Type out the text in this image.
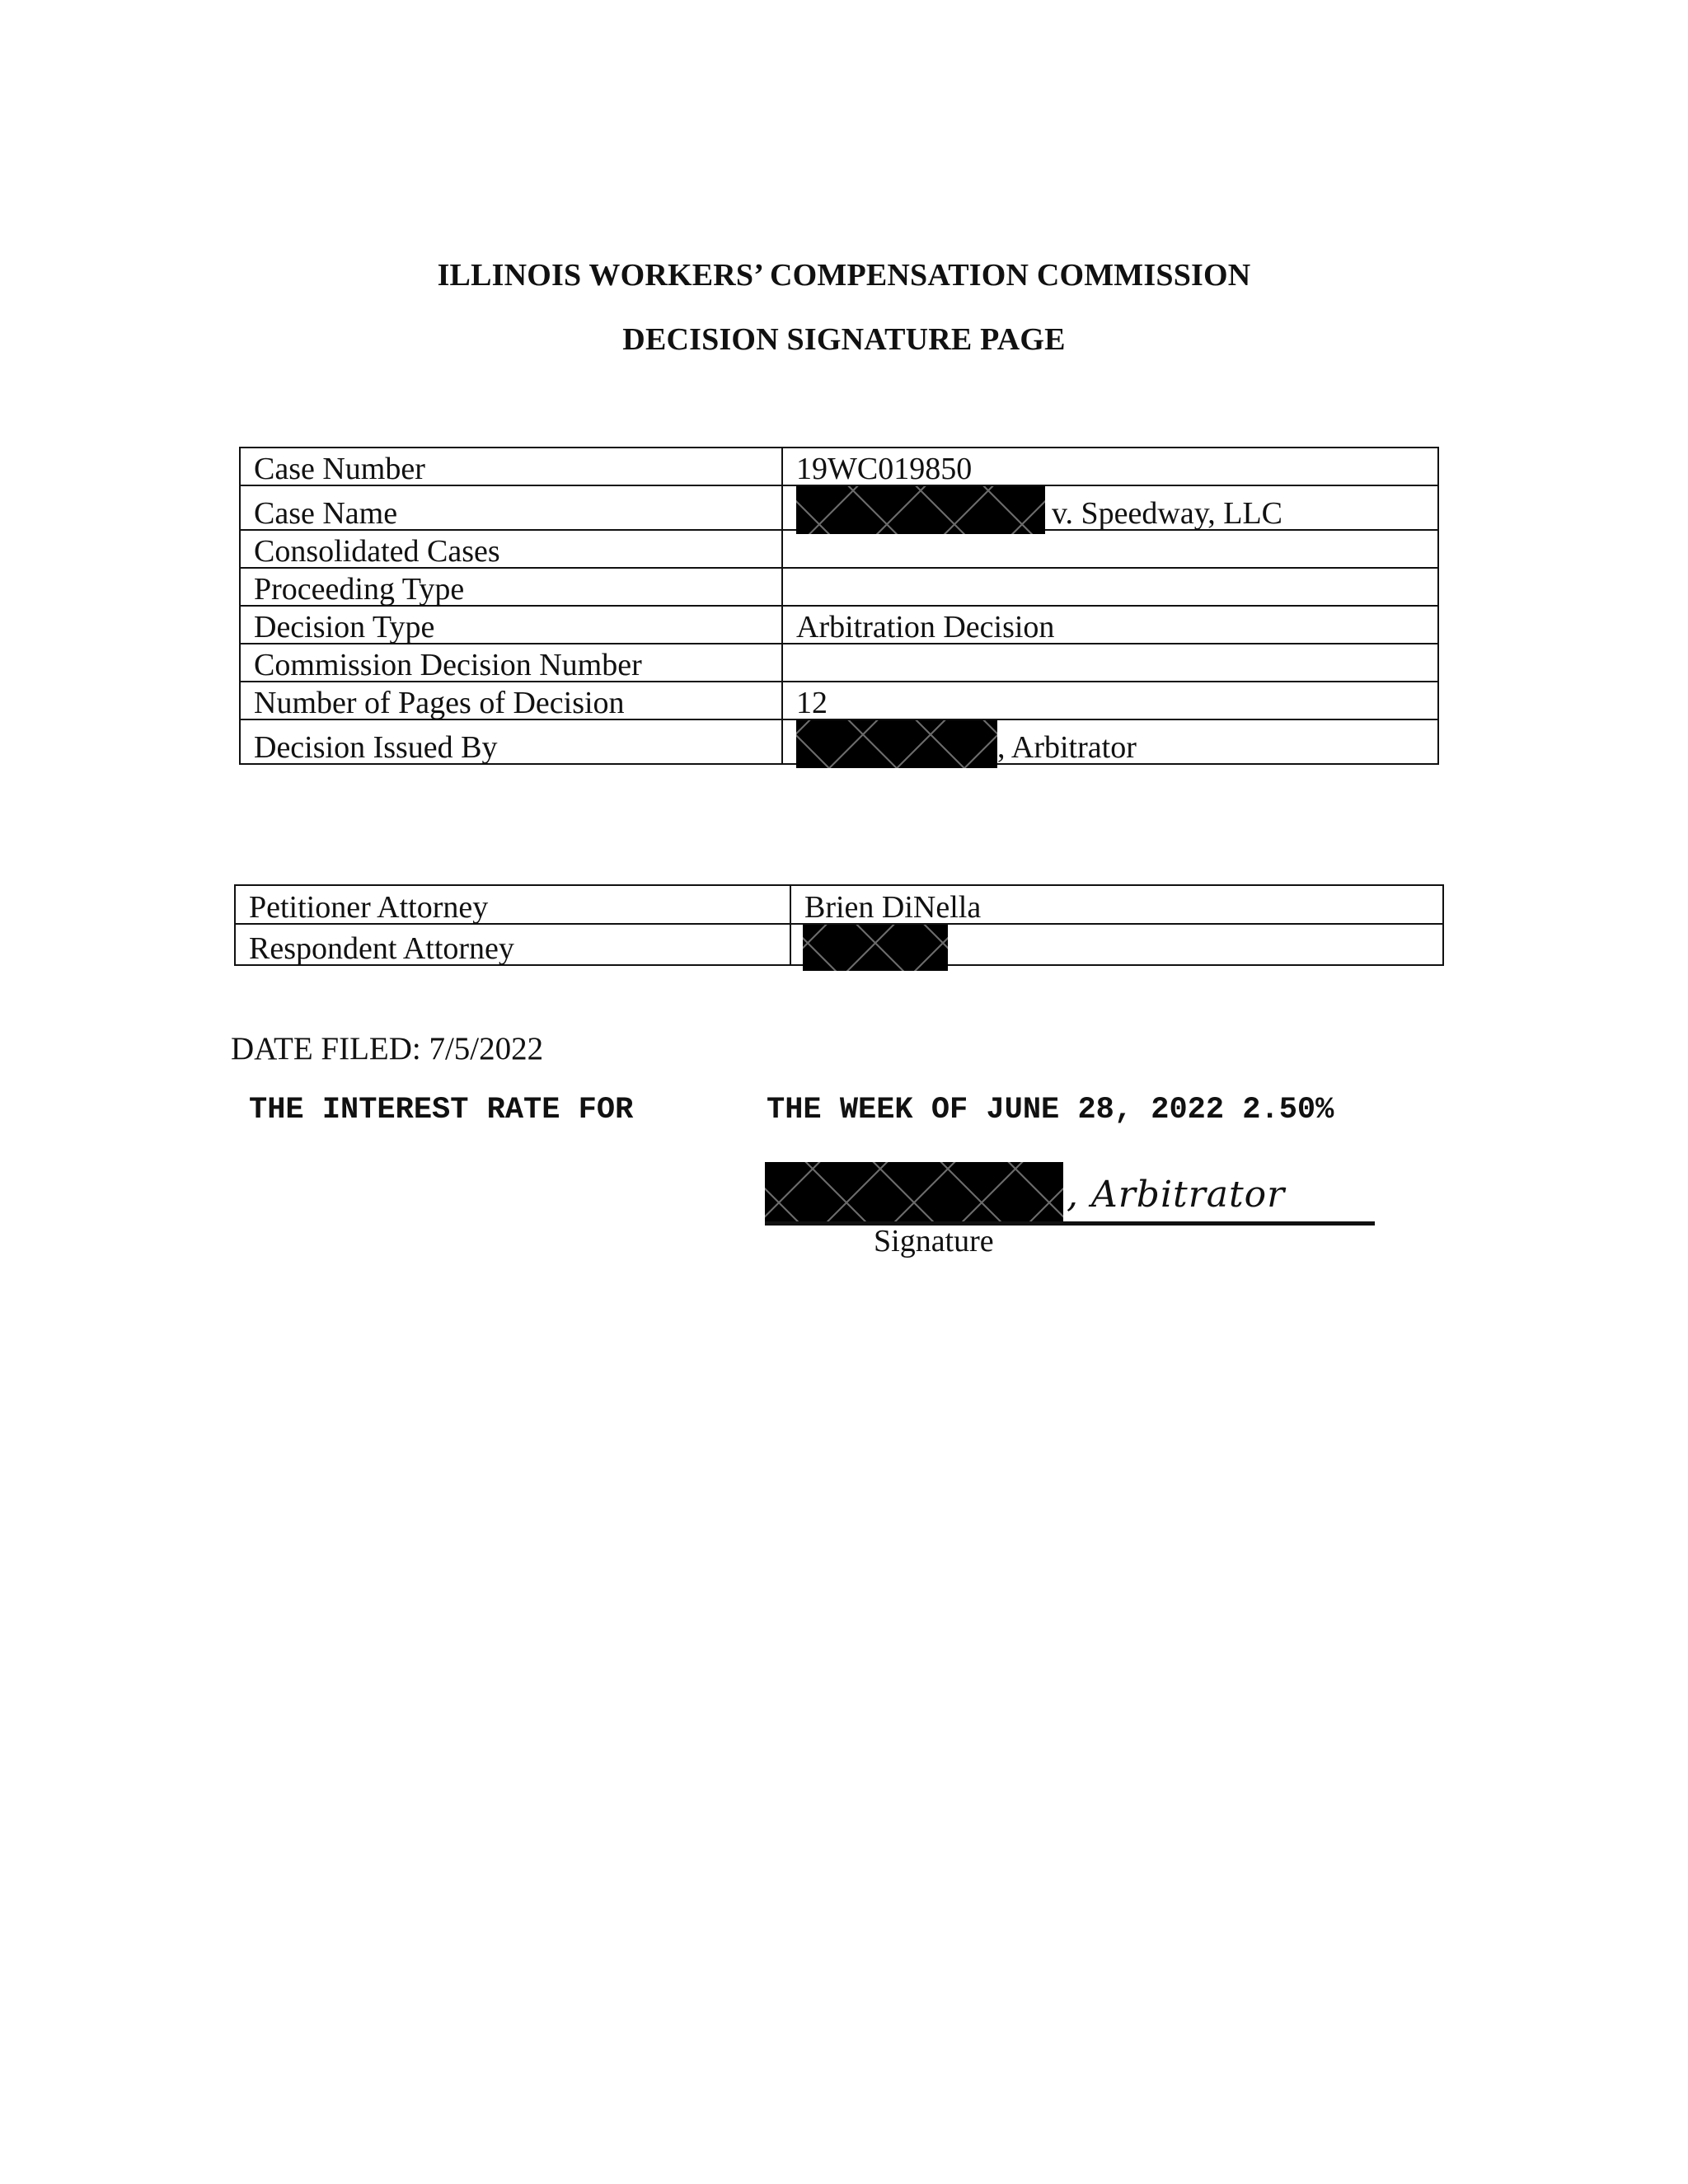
ILLINOIS WORKERS’ COMPENSATION COMMISSION
DECISION SIGNATURE PAGE
Case Number	19WC019850
Case Name	v. Speedway, LLC
Consolidated Cases	
Proceeding Type	
Decision Type	Arbitration Decision
Commission Decision Number	
Number of Pages of Decision	12
Decision Issued By	, Arbitrator
Petitioner Attorney	Brien DiNella
Respondent Attorney	
DATE FILED: 7/5/2022
THE INTEREST RATE FOR	THE WEEK OF JUNE 28, 2022 2.50%
, Arbitrator
Signature
